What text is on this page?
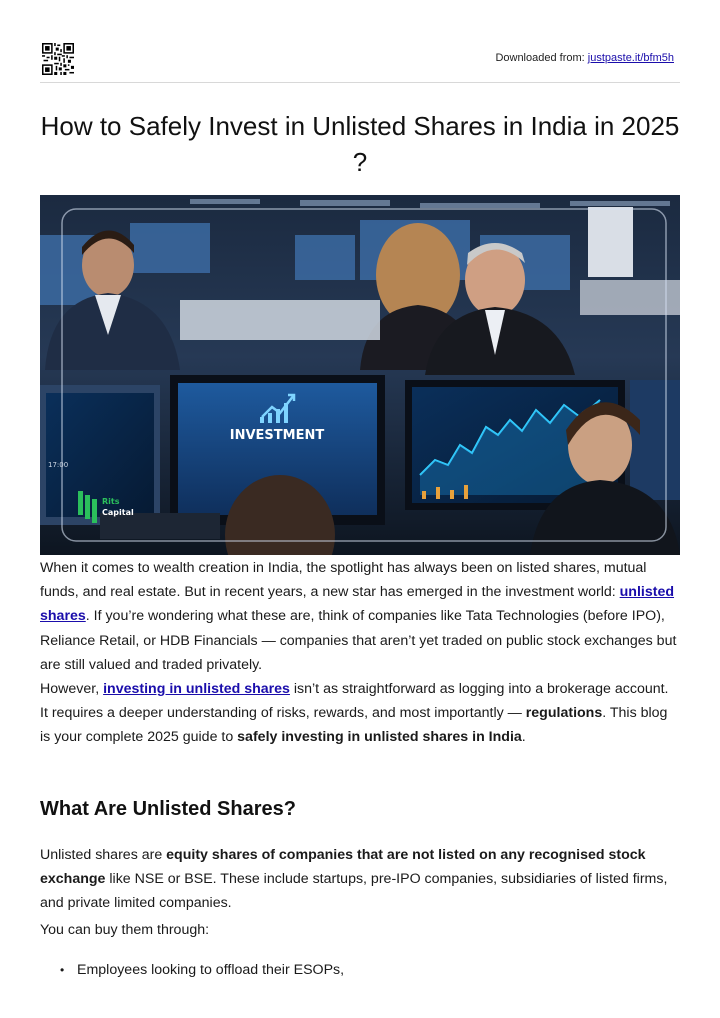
Downloaded from: justpaste.it/bfm5h
How to Safely Invest in Unlisted Shares in India in 2025 ?
INVESTMENT
17:00
Rits
Capital

When it comes to wealth creation in India, the spotlight has always been on listed shares, mutual funds, and real estate. But in recent years, a new star has emerged in the investment world: unlisted shares. If you’re wondering what these are, think of companies like Tata Technologies (before IPO), Reliance Retail, or HDB Financials — companies that aren’t yet traded on public stock exchanges but are still valued and traded privately.
However, investing in unlisted shares isn’t as straightforward as logging into a brokerage account. It requires a deeper understanding of risks, rewards, and most importantly — regulations. This blog is your complete 2025 guide to safely investing in unlisted shares in India.

What Are Unlisted Shares?

Unlisted shares are equity shares of companies that are not listed on any recognised stock exchange like NSE or BSE. These include startups, pre-IPO companies, subsidiaries of listed firms, and private limited companies.

You can buy them through:

• Employees looking to offload their ESOPs,
